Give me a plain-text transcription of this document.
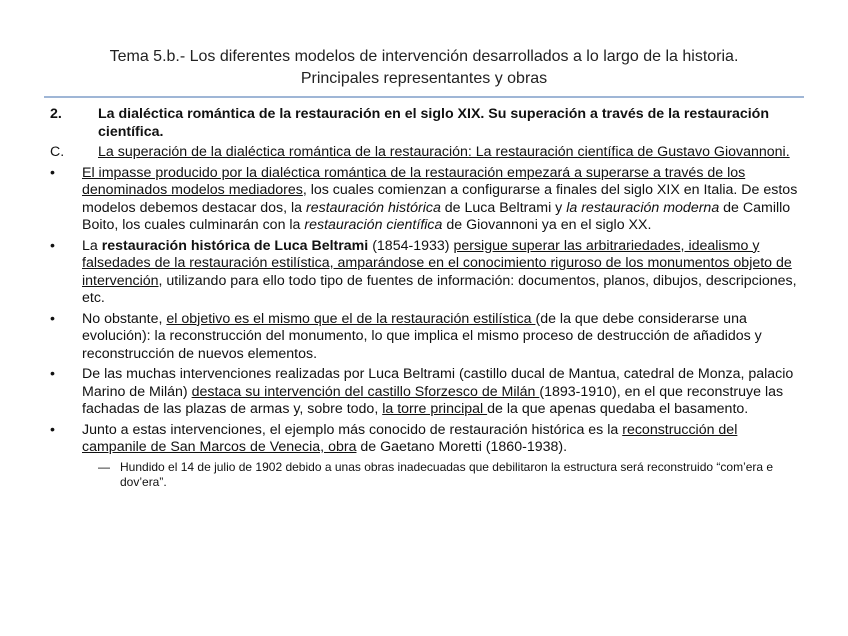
Tema 5.b.- Los diferentes modelos de intervención desarrollados a lo largo de la historia.
Principales representantes y obras
2.	La dialéctica romántica de la restauración en el siglo XIX. Su superación a través de la restauración científica.
C.	La superación de la dialéctica romántica de la restauración: La restauración científica de Gustavo Giovannoni.
•	El impasse producido por la dialéctica romántica de la restauración empezará a superarse a través de los denominados modelos mediadores, los cuales comienzan a configurarse a finales del siglo XIX en Italia. De estos modelos debemos destacar dos, la restauración histórica de Luca Beltrami y la restauración moderna de Camillo Boito, los cuales culminarán con la restauración científica de Giovannoni ya en el siglo XX.
•	La restauración histórica de Luca Beltrami (1854-1933) persigue superar las arbitrariedades, idealismo y falsedades de la restauración estilística, amparándose en el conocimiento riguroso de los monumentos objeto de intervención, utilizando para ello todo tipo de fuentes de información: documentos, planos, dibujos, descripciones, etc.
•	No obstante, el objetivo es el mismo que el de la restauración estilística (de la que debe considerarse una evolución): la reconstrucción del monumento, lo que implica el mismo proceso de destrucción de añadidos y reconstrucción de nuevos elementos.
•	De las muchas intervenciones realizadas por Luca Beltrami (castillo ducal de Mantua, catedral de Monza, palacio Marino de Milán) destaca su intervención del castillo Sforzesco de Milán (1893-1910), en el que reconstruye las fachadas de las plazas de armas y, sobre todo, la torre principal de la que apenas quedaba el basamento.
•	Junto a estas intervenciones, el ejemplo más conocido de restauración histórica es la reconstrucción del campanile de San Marcos de Venecia, obra de Gaetano Moretti (1860-1938).
— Hundido el 14 de julio de 1902 debido a unas obras inadecuadas que debilitaron la estructura será reconstruido “com’era e dov’era”.
